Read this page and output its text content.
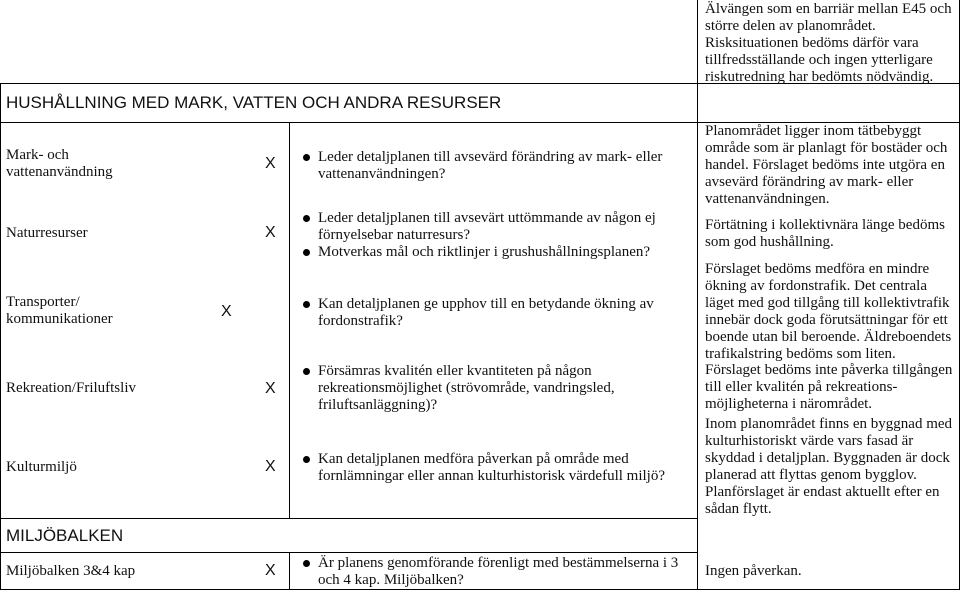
Älvängen som en barriär mellan E45 och större delen av planområdet. Risksituationen bedöms därför vara tillfredsställande och ingen ytterligare riskutredning har bedömts nödvändig.
HUSHÅLLNING MED MARK, VATTEN OCH ANDRA RESURSER
Mark- och vattenanvändning
Naturresurser
Transporter/ kommunikationer
Rekreation/Friluftsliv
Kulturmiljö
X
X
X
X
X
Leder detaljplanen till avsevärd förändring av mark- eller vattenanvändningen?
Leder detaljplanen till avsevärt uttömmande av någon ej förnyelsebar naturresurs?
Motverkas mål och riktlinjer i grushushållningsplanen?
Kan detaljplanen ge upphov till en betydande ökning av fordonstrafik?
Försämras kvalitén eller kvantiteten på någon rekreationsmöjlighet (strövområde, vandringsled, friluftsanläggning)?
Kan detaljplanen medföra påverkan på område med fornlämningar eller annan kulturhistorisk värdefull miljö?

Planområdet ligger inom tätbebyggt område som är planlagt för bostäder och handel. Förslaget bedöms inte utgöra en avsevärd förändring av mark- eller vattenanvändningen.

Förtätning i kollektivnära länge bedöms som god hushållning.

Förslaget bedöms medföra en mindre ökning av fordonstrafik. Det centrala läget med god tillgång till kollektivtrafik innebär dock goda förutsättningar för ett boende utan bil beroende. Äldreboendets trafikalstring bedöms som liten.

Förslaget bedöms inte påverka tillgången till eller kvalitén på rekreations-möjligheterna i närområdet.

Inom planområdet finns en byggnad med kulturhistoriskt värde vars fasad är skyddad i detaljplan. Byggnaden är dock planerad att flyttas genom bygglov. Planförslaget är endast aktuellt efter en sådan flytt.

MILJÖBALKEN
Miljöbalken 3&4 kap	X	Är planens genomförande förenligt med bestämmelserna i 3 och 4 kap. Miljöbalken?

Ingen påverkan.
